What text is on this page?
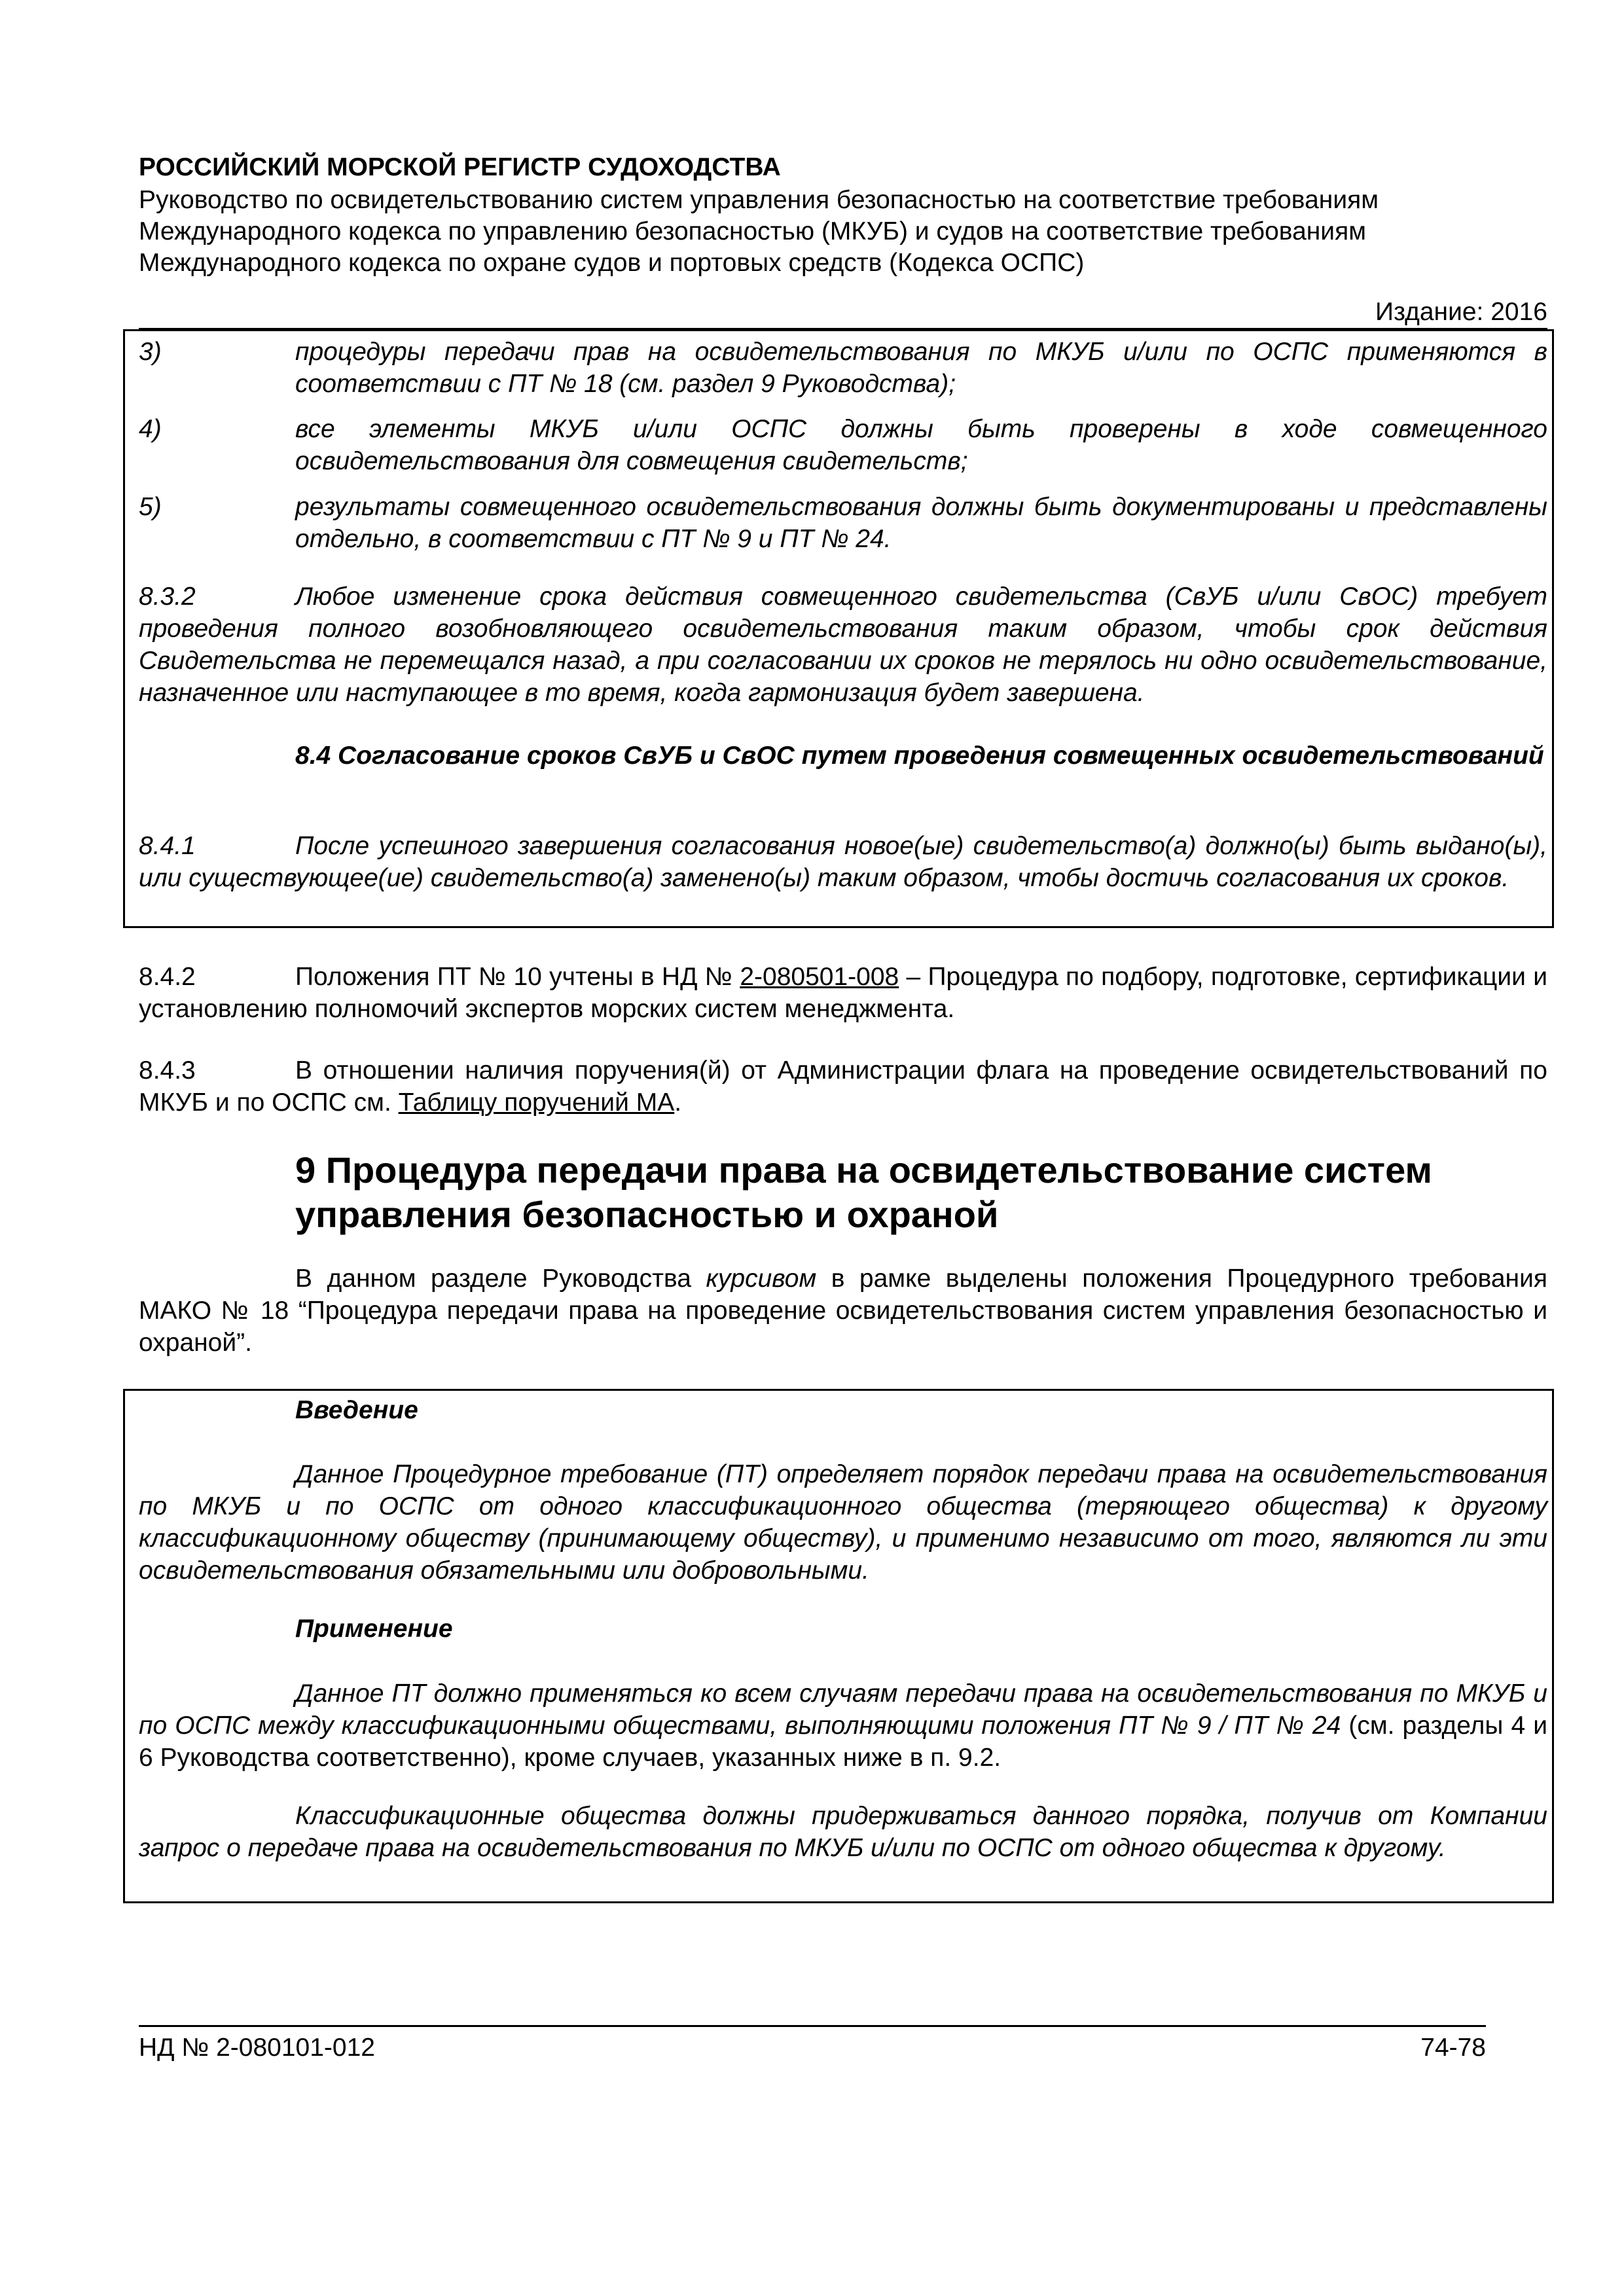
РОССИЙСКИЙ МОРСКОЙ РЕГИСТР СУДОХОДСТВА
Руководство по освидетельствованию систем управления безопасностью на соответствие требованиям
Международного кодекса по управлению безопасностью (МКУБ) и судов на соответствие требованиям
Международного кодекса по охране судов и портовых средств (Кодекса ОСПС)
Издание: 2016
3)	процедуры передачи прав на освидетельствования по МКУБ и/или по ОСПС применяются в соответствии с ПТ № 18 (см. раздел 9 Руководства);
4)	все элементы МКУБ и/или ОСПС должны быть проверены в ходе совмещенного освидетельствования для совмещения свидетельств;
5)	результаты совмещенного освидетельствования должны быть документированы и представлены отдельно, в соответствии с ПТ № 9 и ПТ № 24.

8.3.2	Любое изменение срока действия совмещенного свидетельства (СвУБ и/или СвОС) требует проведения полного возобновляющего освидетельствования таким образом, чтобы срок действия Свидетельства не перемещался назад, а при согласовании их сроков не терялось ни одно освидетельствование, назначенное или наступающее в то время, когда гармонизация будет завершена.

8.4 Согласование сроков СвУБ и СвОС путем проведения совмещенных освидетельствований

8.4.1	После успешного завершения согласования новое(ые) свидетельство(а) должно(ы) быть выдано(ы), или существующее(ие) свидетельство(а) заменено(ы) таким образом, чтобы достичь согласования их сроков.

8.4.2	Положения ПТ № 10 учтены в НД № 2-080501-008 – Процедура по подбору, подготовке, сертификации и установлению полномочий экспертов морских систем менеджмента.

8.4.3	В отношении наличия поручения(й) от Администрации флага на проведение освидетельствований по МКУБ и по ОСПС см. Таблицу поручений МА.

9 Процедура передачи права на освидетельствование систем управления безопасностью и охраной

В данном разделе Руководства курсивом в рамке выделены положения Процедурного требования МАКО № 18 “Процедура передачи права на проведение освидетельствования систем управления безопасностью и охраной”.

Введение

Данное Процедурное требование (ПТ) определяет порядок передачи права на освидетельствования по МКУБ и по ОСПС от одного классификационного общества (теряющего общества) к другому классификационному обществу (принимающему обществу), и применимо независимо от того, являются ли эти освидетельствования обязательными или добровольными.

Применение

Данное ПТ должно применяться ко всем случаям передачи права на освидетельствования по МКУБ и по ОСПС между классификационными обществами, выполняющими положения ПТ № 9 / ПТ № 24 (см. разделы 4 и 6 Руководства соответственно), кроме случаев, указанных ниже в п. 9.2.

Классификационные общества должны придерживаться данного порядка, получив от Компании запрос о передаче права на освидетельствования по МКУБ и/или по ОСПС от одного общества к другому.

НД № 2-080101-012	74-78
